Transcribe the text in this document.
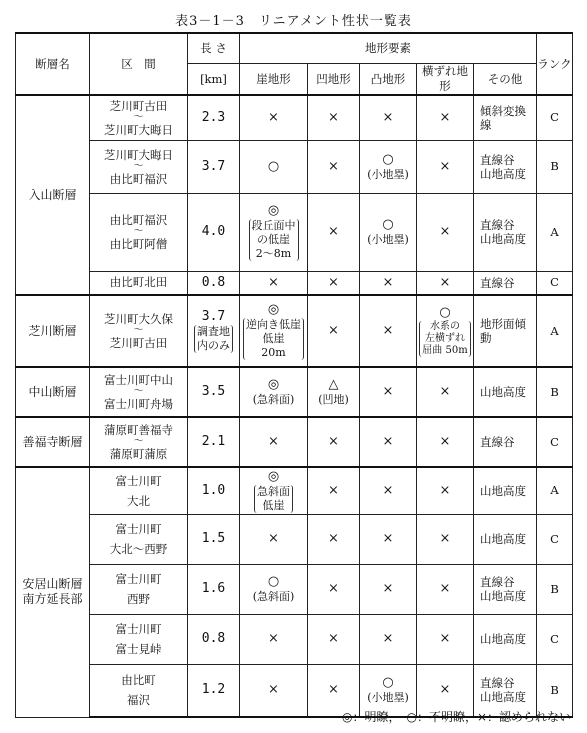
表3－1－3　リニアメント性状一覧表
断層名	区　間	長 さ	地形要素					ランク
		[km]	崖地形	凹地形	凸地形	横ずれ地形	その他	
入山断層	芝川町古田
～
芝川町大晦日	2.3	×	×	×	×	傾斜変換線	C

	芝川町大晦日
～
由比町福沢	3.7	○	×	○
(小地塁)	×	直線谷
山地高度	B

	由比町福沢
～
由比町阿僧	4.0	◎
段丘面中
の低崖
2～8m	×	○
(小地塁)	×	直線谷
山地高度	A
	由比町北田	0.8	×	×	×	×	直線谷	C
芝川断層	芝川町大久保
～
芝川町古田	3.7
調査地
内のみ	◎
逆向き低崖
低崖
20m	×	×	○
水系の
左横ずれ
屈曲 50m	地形面傾動	A
中山断層	富士川町中山
～
富士川町舟場	3.5	◎
(急斜面)	△
(凹地)	×	×	山地高度	B
善福寺断層	蒲原町善福寺
～
蒲原町蒲原	2.1	×	×	×	×	直線谷	C

安居山断層
南方延長部	富士川町
大北	1.0	◎
急斜面
低崖	×	×	×	山地高度	A

	富士川町
大北～西野	1.5	×	×	×	×	山地高度	C

	富士川町
西野	1.6	○
(急斜面)	×	×	×	直線谷
山地高度	B

	富士川町
富士見峠	0.8	×	×	×	×	山地高度	C

	由比町
福沢	1.2	×	×	○
(小地塁)	×	直線谷
山地高度	B
◎：明瞭，　○：不明瞭，×：認められない
